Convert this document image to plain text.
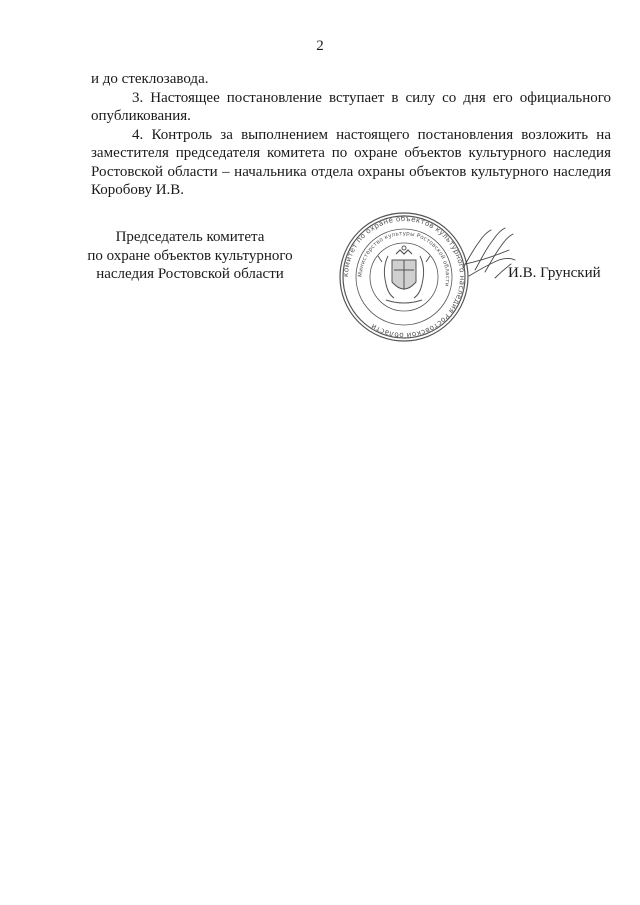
2

и до стеклозавода.

3. Настоящее постановление вступает в силу со дня его официального опубликования.

4. Контроль за выполнением настоящего постановления возложить на заместителя председателя комитета по охране объектов культурного наследия Ростовской области – начальника отдела охраны объектов культурного наследия Коробову И.В.

Председатель комитета
по охране объектов культурного
наследия Ростовской области	комитет по охране объектов культурного наследия Ростовской области
Министерство культуры Ростовской области
И.В. Грунский
